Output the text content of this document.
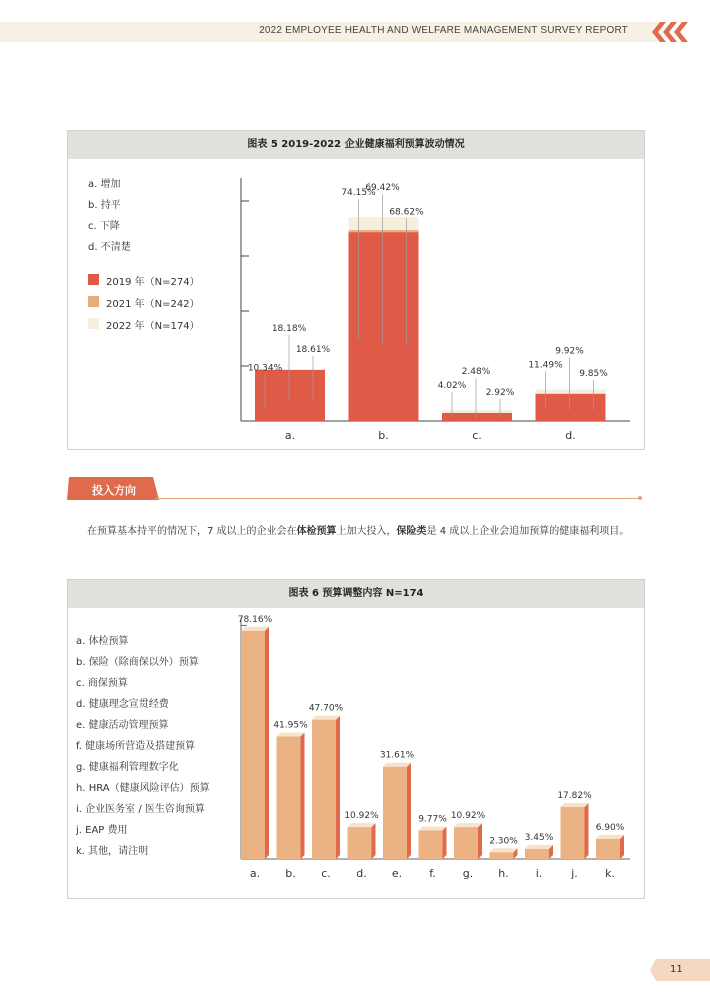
2022 EMPLOYEE HEALTH AND WELFARE MANAGEMENT SURVEY REPORT
图表 5 2019-2022 企业健康福利预算波动情况
a. 增加
b. 持平
c. 下降
d. 不清楚
2019 年（N=274）
2021 年（N=242）
2022 年（N=174）
10.34%
18.18%
18.61%
a.
74.15%
69.42%
68.62%
b.
4.02%
2.48%
2.92%
c.
11.49%
9.92%
9.85%
d.
投入方向
在预算基本持平的情况下，7 成以上的企业会在体检预算上加大投入，保险类是 4 成以上企业会追加预算的健康福利项目。
图表 6 预算调整内容 N=174
a. 体检预算
b. 保险（除商保以外）预算
c. 商保预算
d. 健康理念宣贯经费
e. 健康活动管理预算
f. 健康场所营造及搭建预算
g. 健康福利管理数字化
h. HRA（健康风险评估）预算
i. 企业医务室 / 医生咨询预算
j. EAP 费用
k. 其他，请注明
78.16%
a.
41.95%
b.
47.70%
c.
10.92%
d.
31.61%
e.
9.77%
f.
10.92%
g.
2.30%
h.
3.45%
i.
17.82%
j.
6.90%
k.
11
